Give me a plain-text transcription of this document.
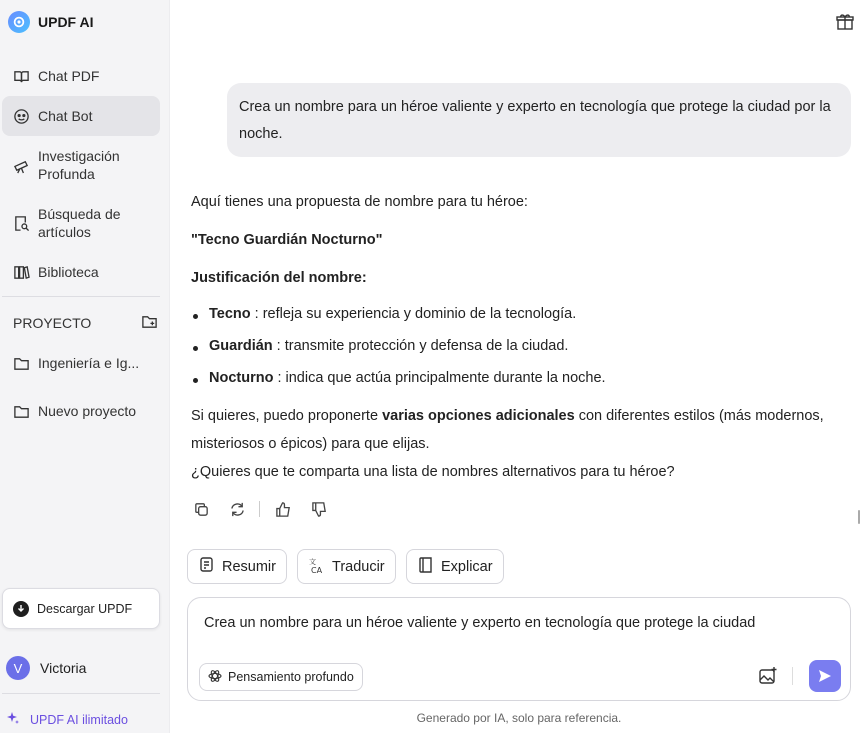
UPDF AI
Chat PDF
Chat Bot
Investigación Profunda
Búsqueda de artículos
Biblioteca
PROYECTO
Ingeniería e Ig...
Nuevo proyecto
Descargar UPDF
V	Victoria
UPDF AI ilimitado
Crea un nombre para un héroe valiente y experto en tecnología que protege la ciudad por la noche.

Aquí tienes una propuesta de nombre para tu héroe:

"Tecno Guardián Nocturno"

Justificación del nombre:

Tecno : refleja su experiencia y dominio de la tecnología.
Guardián : transmite protección y defensa de la ciudad.
Nocturno : indica que actúa principalmente durante la noche.

Si quieres, puedo proponerte varias opciones adicionales con diferentes estilos (más modernos,

misteriosos o épicos) para que elijas.

¿Quieres que te comparta una lista de nombres alternativos para tu héroe?

Resumir	文
CA Traducir	Explicar
Crea un nombre para un héroe valiente y experto en tecnología que protege la ciudad
Pensamiento profundo
Generado por IA, solo para referencia.
